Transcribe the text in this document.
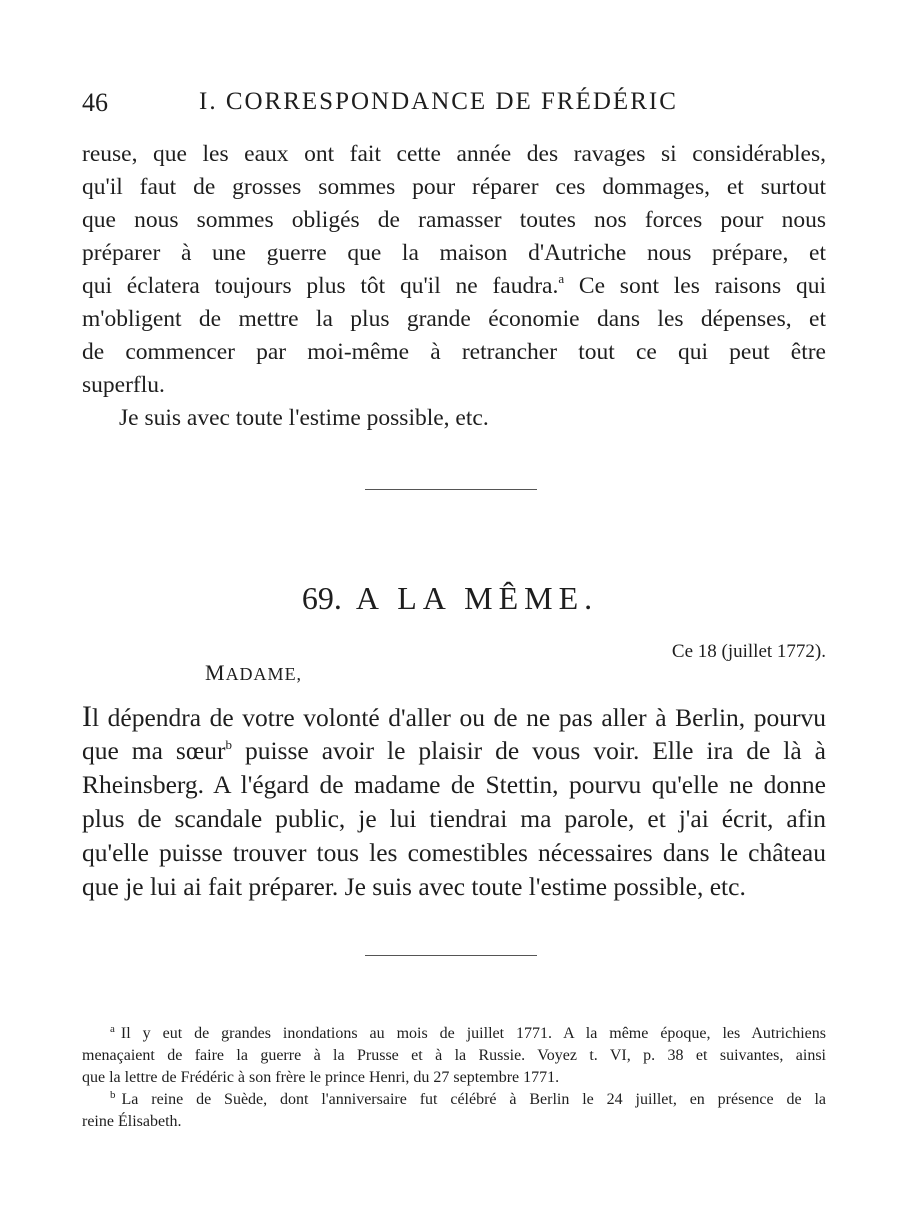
46	I. CORRESPONDANCE DE FRÉDÉRIC
reuse, que les eaux ont fait cette année des ravages si considérables,
qu'il faut de grosses sommes pour réparer ces dommages, et surtout
que nous sommes obligés de ramasser toutes nos forces pour nous
préparer à une guerre que la maison d'Autriche nous prépare, et
qui éclatera toujours plus tôt qu'il ne faudra.$^a$ Ce sont les raisons qui
m'obligent de mettre la plus grande économie dans les dépenses, et
de commencer par moi-même à retrancher tout ce qui peut être
superflu.
Je suis avec toute l'estime possible, etc.
69. A LA MÊME.
Ce 18 (juillet 1772).
MADAME,
Il dépendra de votre volonté d'aller ou de ne pas aller à Berlin, pourvu
que ma sœur$^b$ puisse avoir le plaisir de vous voir. Elle ira de là à
Rheinsberg. A l'égard de madame de Stettin, pourvu qu'elle ne donne
plus de scandale public, je lui tiendrai ma parole, et j'ai écrit, afin
qu'elle puisse trouver tous les comestibles nécessaires dans le château
que je lui ai fait préparer. Je suis avec toute l'estime possible, etc.
$^a$ Il y eut de grandes inondations au mois de juillet 1771. A la même époque, les Autrichiens
menaçaient de faire la guerre à la Prusse et à la Russie. Voyez t. VI, p. 38 et suivantes, ainsi
que la lettre de Frédéric à son frère le prince Henri, du 27 septembre 1771.
$^b$ La reine de Suède, dont l'anniversaire fut célébré à Berlin le 24 juillet, en présence de la
reine Élisabeth.
